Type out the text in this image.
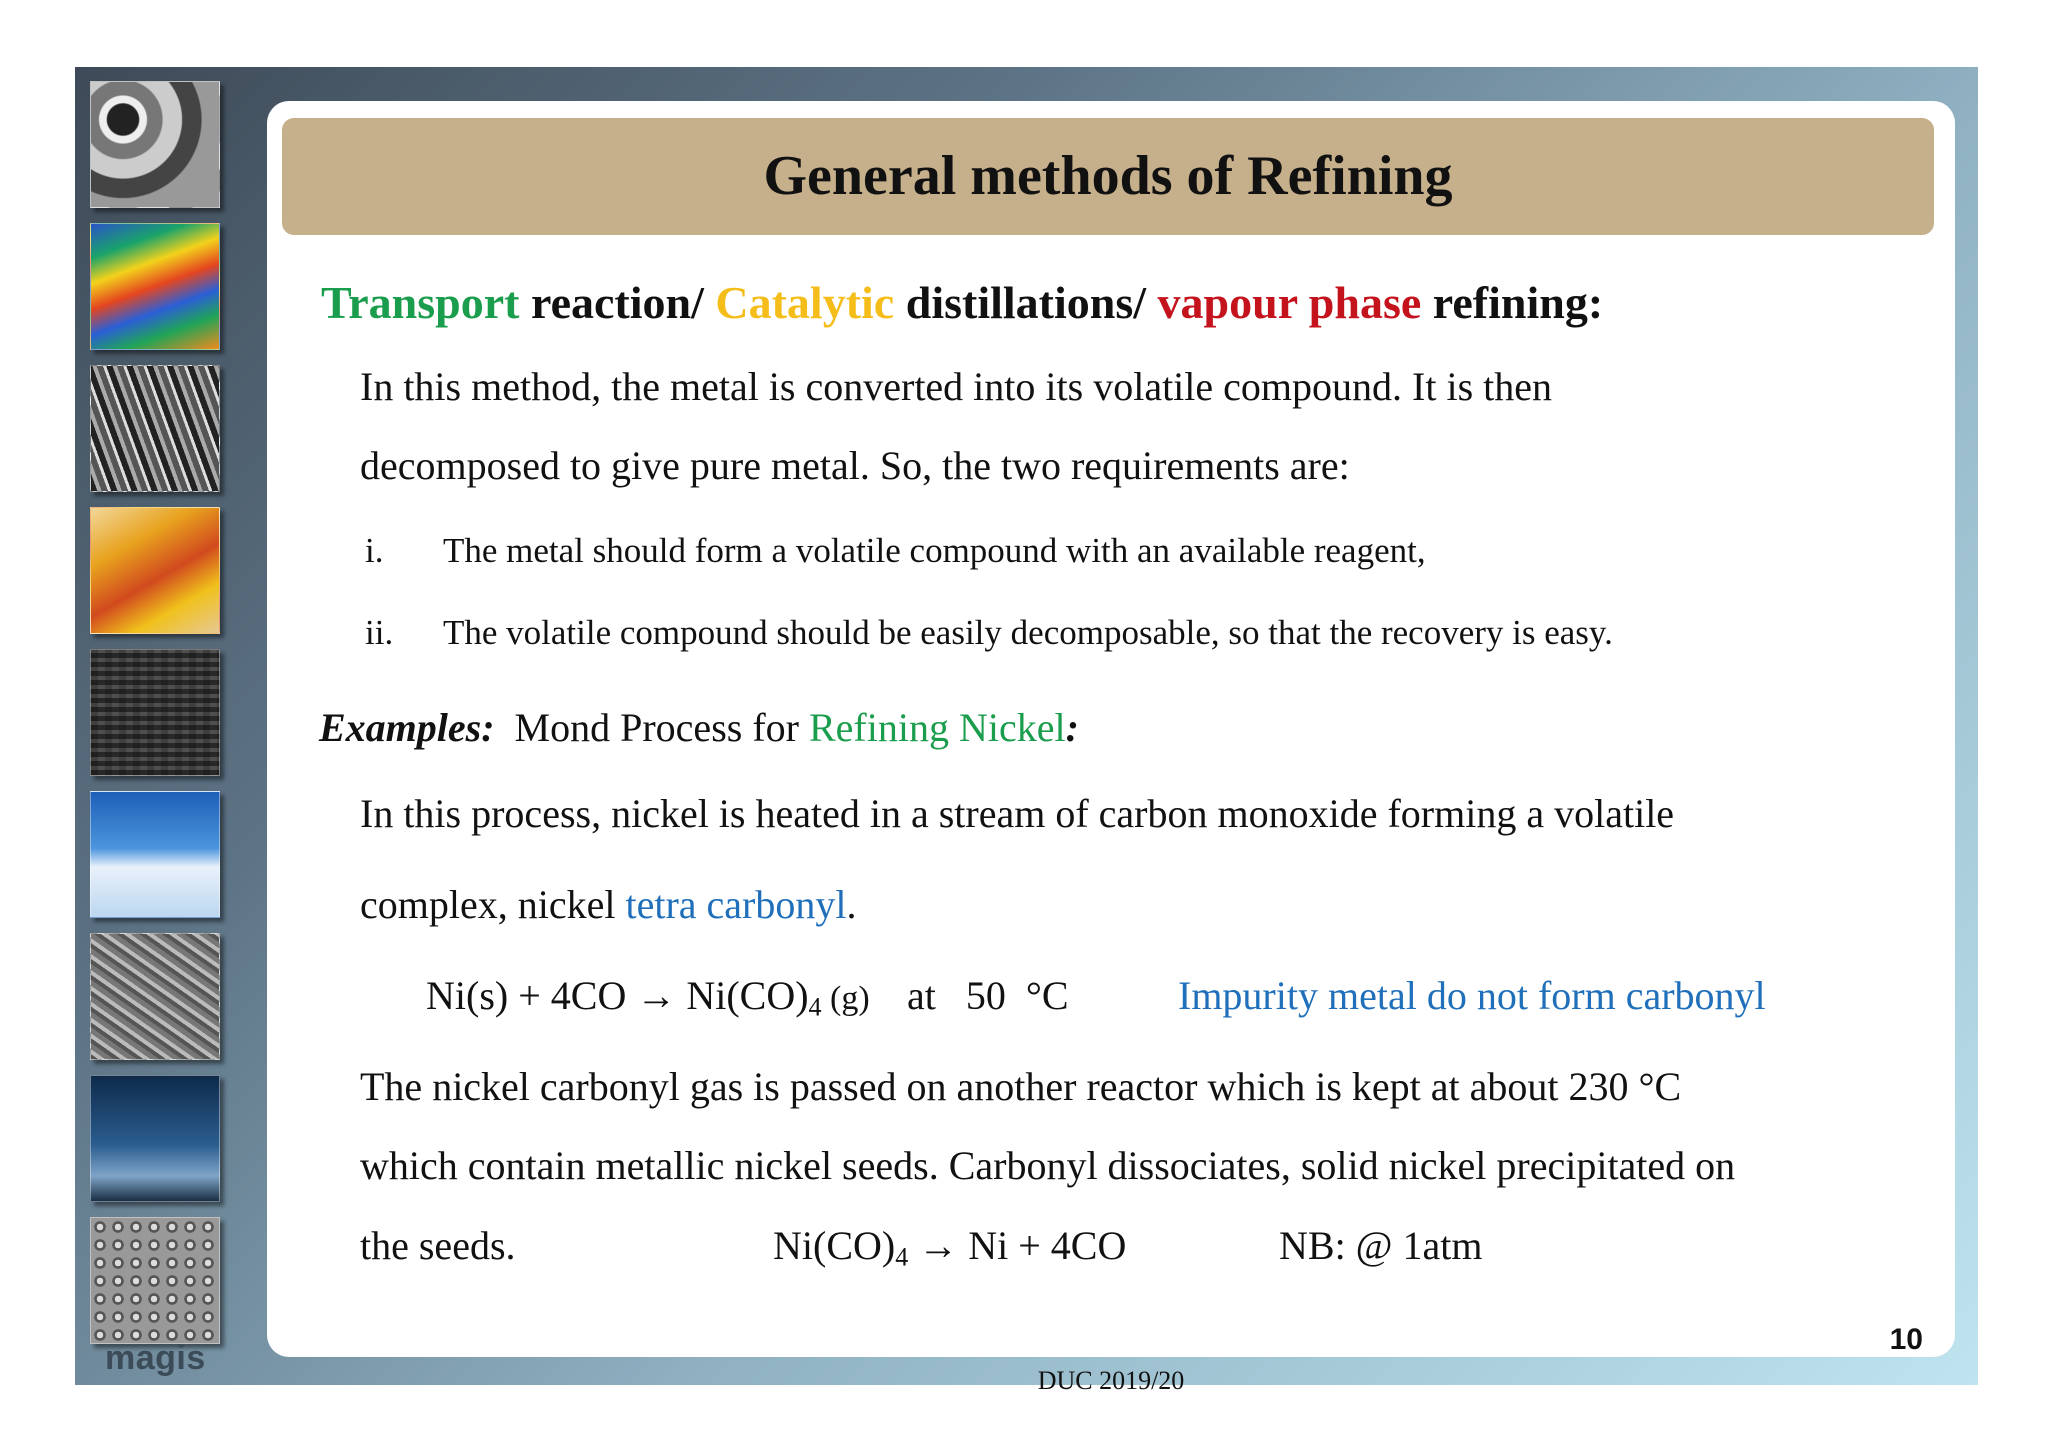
magis
General methods of Refining
Transport reaction/ Catalytic distillations/ vapour phase refining:
In this method, the metal is converted into its volatile compound. It is then
decomposed to give pure metal. So, the two requirements are:
i. The metal should form a volatile compound with an available reagent,
ii. The volatile compound should be easily decomposable, so that the recovery is easy.
Examples: Mond Process for Refining Nickel:
In this process, nickel is heated in a stream of carbon monoxide forming a volatile
complex, nickel tetra carbonyl.
$Ni(s) + 4CO \to Ni(CO)_4$ (g) at   50  °C	Impurity metal do not form carbonyl
The nickel carbonyl gas is passed on another reactor which is kept at about 230 °C
which contain metallic nickel seeds. Carbonyl dissociates, solid nickel precipitated on
the seeds.	$Ni(CO)_4 \to Ni + 4CO$	NB: @ 1atm
10
DUC 2019/20
